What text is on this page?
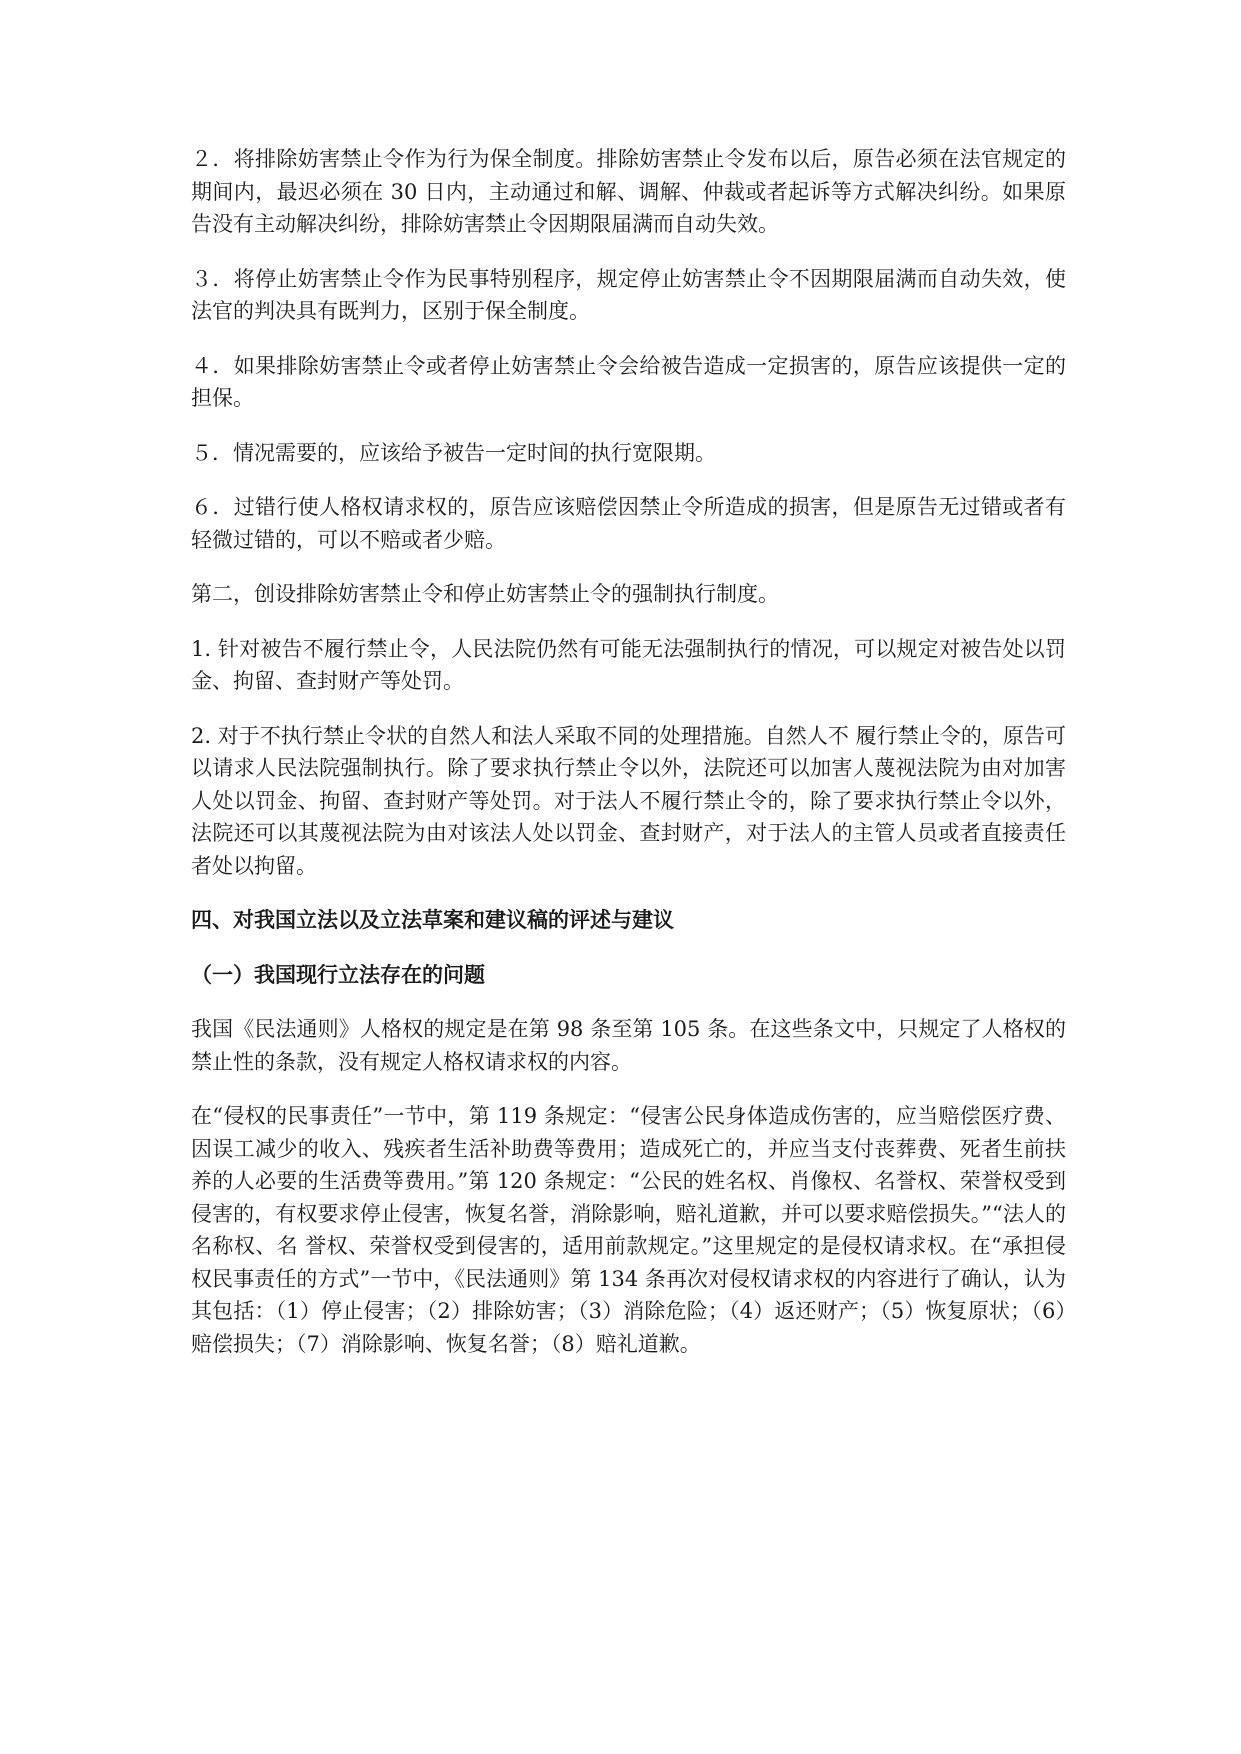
２．将排除妨害禁止令作为行为保全制度。排除妨害禁止令发布以后，原告必须在法官规定的期间内，最迟必须在 30 日内，主动通过和解、调解、仲裁或者起诉等方式解决纠纷。如果原告没有主动解决纠纷，排除妨害禁止令因期限届满而自动失效。

３．将停止妨害禁止令作为民事特别程序，规定停止妨害禁止令不因期限届满而自动失效，使法官的判决具有既判力，区别于保全制度。

４．如果排除妨害禁止令或者停止妨害禁止令会给被告造成一定损害的，原告应该提供一定的担保。

５．情况需要的，应该给予被告一定时间的执行宽限期。

６．过错行使人格权请求权的，原告应该赔偿因禁止令所造成的损害，但是原告无过错或者有轻微过错的，可以不赔或者少赔。

第二，创设排除妨害禁止令和停止妨害禁止令的强制执行制度。

1. 针对被告不履行禁止令，人民法院仍然有可能无法强制执行的情况，可以规定对被告处以罚金、拘留、查封财产等处罚。

2. 对于不执行禁止令状的自然人和法人采取不同的处理措施。自然人不 履行禁止令的，原告可以请求人民法院强制执行。除了要求执行禁止令以外，法院还可以加害人蔑视法院为由对加害人处以罚金、拘留、查封财产等处罚。对于法人不履行禁止令的，除了要求执行禁止令以外，法院还可以其蔑视法院为由对该法人处以罚金、查封财产，对于法人的主管人员或者直接责任者处以拘留。

四、对我国立法以及立法草案和建议稿的评述与建议
（一）我国现行立法存在的问题

我国《民法通则》人格权的规定是在第 98 条至第 105 条。在这些条文中，只规定了人格权的禁止性的条款，没有规定人格权请求权的内容。

在“侵权的民事责任”一节中，第 119 条规定：“侵害公民身体造成伤害的，应当赔偿医疗费、因误工减少的收入、残疾者生活补助费等费用；造成死亡的，并应当支付丧葬费、死者生前扶养的人必要的生活费等费用。”第 120 条规定：“公民的姓名权、肖像权、名誉权、荣誉权受到侵害的，有权要求停止侵害，恢复名誉，消除影响，赔礼道歉，并可以要求赔偿损失。”“法人的名称权、名 誉权、荣誉权受到侵害的，适用前款规定。”这里规定的是侵权请求权。在“承担侵权民事责任的方式”一节中，《民法通则》第 134 条再次对侵权请求权的内容进行了确认，认为其包括：（1）停止侵害；（2）排除妨害；（3）消除危险；（4）返还财产；（5）恢复原状；（6）赔偿损失；（7）消除影响、恢复名誉；（8）赔礼道歉。
